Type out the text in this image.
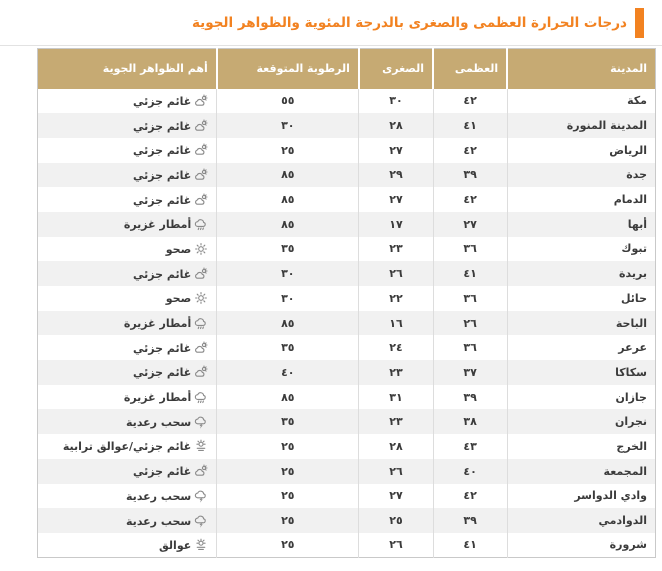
درجات الحرارة العظمى والصغرى بالدرجة المئوية والظواهر الجوية
المدينة	العظمى	الصغرى	الرطوبة المتوقعة	أهم الظواهر الجوية
مكة	٤٢	٣٠	٥٥	غائم جزئي
المدينة المنورة	٤١	٢٨	٣٠	غائم جزئي
الرياض	٤٢	٢٧	٢٥	غائم جزئي
جدة	٣٩	٢٩	٨٥	غائم جزئي
الدمام	٤٢	٢٧	٨٥	غائم جزئي
أبها	٢٧	١٧	٨٥	أمطار غزيرة
تبوك	٣٦	٢٣	٣٥	صحو
بريدة	٤١	٢٦	٣٠	غائم جزئي
حائل	٣٦	٢٢	٣٠	صحو
الباحة	٢٦	١٦	٨٥	أمطار غزيرة
عرعر	٣٦	٢٤	٣٥	غائم جزئي
سكاكا	٣٧	٢٣	٤٠	غائم جزئي
جازان	٣٩	٣١	٨٥	أمطار غزيرة
نجران	٣٨	٢٣	٣٥	سحب رعدية
الخرج	٤٣	٢٨	٢٥	غائم جزئي/عوالق ترابية
المجمعة	٤٠	٢٦	٢٥	غائم جزئي
وادي الدواسر	٤٢	٢٧	٢٥	سحب رعدية
الدوادمي	٣٩	٢٥	٢٥	سحب رعدية
شرورة	٤١	٢٦	٢٥	عوالق
